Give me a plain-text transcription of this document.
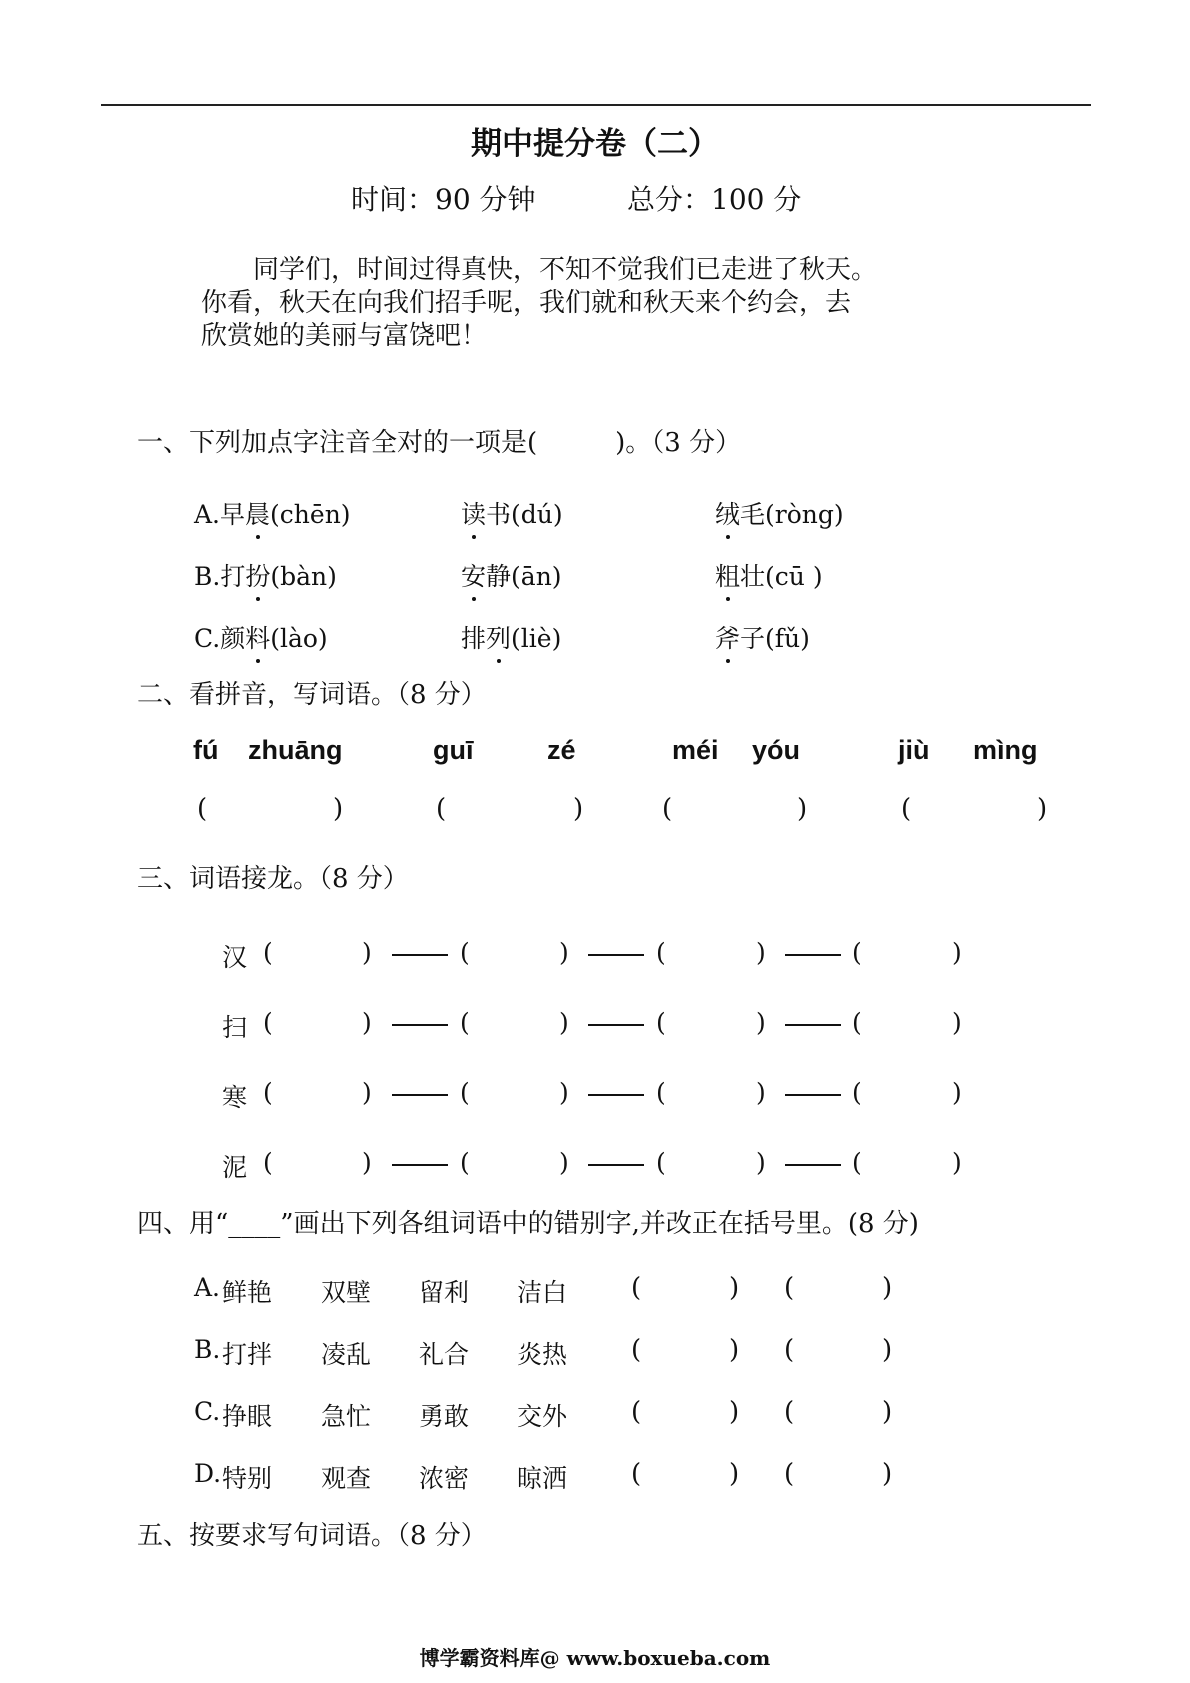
期中提分卷（二）
时间：90 分钟	总分：100 分

同学们，时间过得真快，不知不觉我们已走进了秋天。

你看，秋天在向我们招手呢，我们就和秋天来个约会，去

欣赏她的美丽与富饶吧！

一、下列加点字注音全对的一项是(　　　)。（3 分）
A.早晨(chēn)	读书(dú)	绒毛(ròng)
B.打扮(bàn)	安静(ān)	粗壮(cū )
C.颜料(lào)	排列(liè)	斧子(fǔ)
二、看拼音，写词语。（8 分）
fú zhuāng	guī	zé	méi yóu	jiù mìng
(	)	(	)	(	)	(	)
三、词语接龙。（8 分）
汉 (	)	(	)	(	)	(	)
扫 (	)	(	)	(	)	(	)
寒 (	)	(	)	(	)	(	)
泥 (	)	(	)	(	)	(	)
四、用“____”画出下列各组词语中的错别字,并改正在括号里。(8 分)
A. 鲜艳 双壁 留利 洁白 (	) (	)
B. 打拌 凌乱 礼合 炎热 (	) (	)
C. 挣眼 急忙 勇敢 交外 (	) (	)
D. 特别 观查 浓密 晾洒 (	) (	)
五、按要求写句词语。（8 分）
博学霸资料库@ www.boxueba.com
